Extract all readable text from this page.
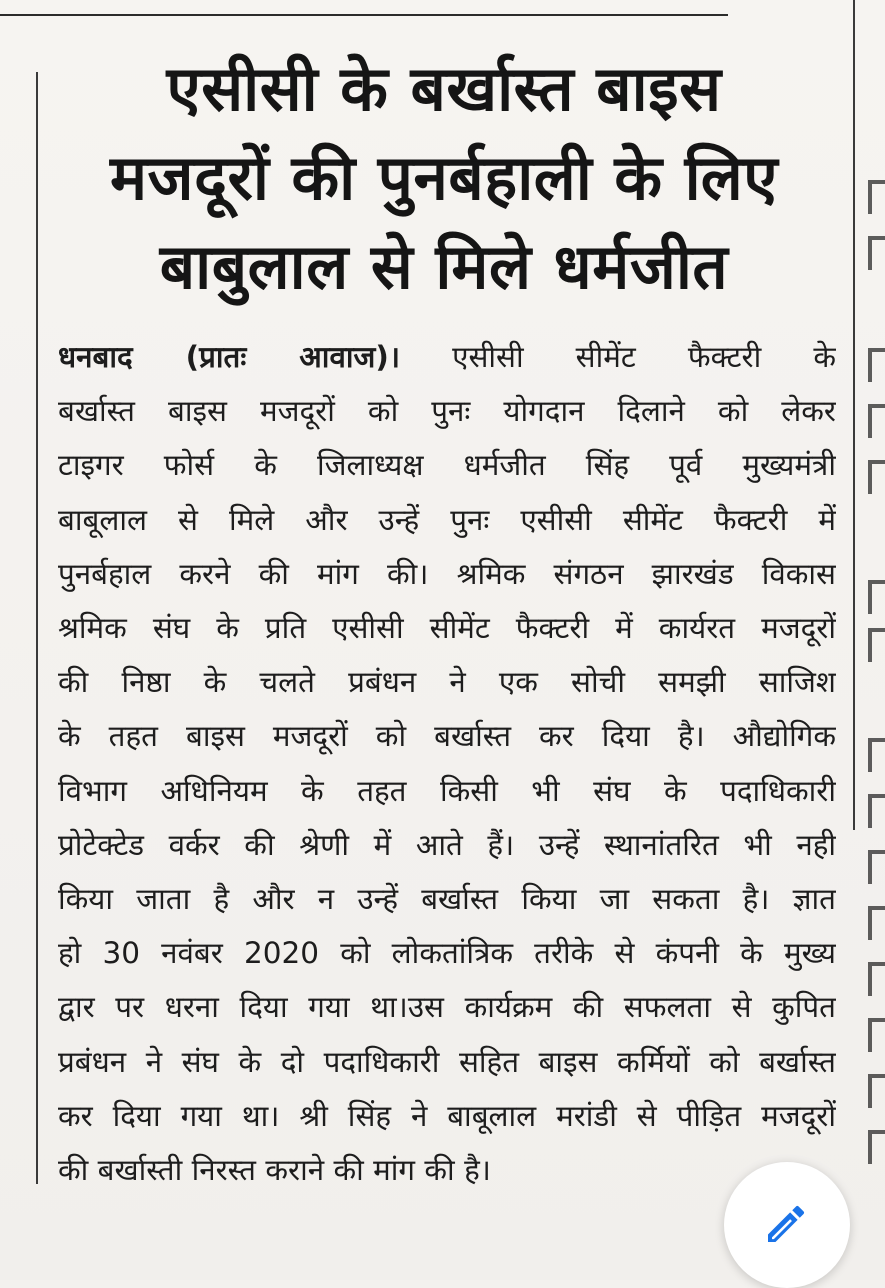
एसीसी के बर्खास्त बाइस
मजदूरों की पुनर्बहाली के लिए
बाबुलाल से मिले धर्मजीत
धनबाद (प्रातः आवाज)। एसीसी सीमेंट फैक्टरी के
बर्खास्त बाइस मजदूरों को पुनः योगदान दिलाने को लेकर
टाइगर फोर्स के जिलाध्यक्ष धर्मजीत सिंह पूर्व मुख्यमंत्री
बाबूलाल से मिले और उन्हें पुनः एसीसी सीमेंट फैक्टरी में
पुनर्बहाल करने की मांग की। श्रमिक संगठन झारखंड विकास
श्रमिक संघ के प्रति एसीसी सीमेंट फैक्टरी में कार्यरत मजदूरों
की निष्ठा के चलते प्रबंधन ने एक सोची समझी साजिश
के तहत बाइस मजदूरों को बर्खास्त कर दिया है। औद्योगिक
विभाग अधिनियम के तहत किसी भी संघ के पदाधिकारी
प्रोटेक्टेड वर्कर की श्रेणी में आते हैं। उन्हें स्थानांतरित भी नही
किया जाता है और न उन्हें बर्खास्त किया जा सकता है। ज्ञात
हो 30 नवंबर 2020 को लोकतांत्रिक तरीके से कंपनी के मुख्य
द्वार पर धरना दिया गया था।उस कार्यक्रम की सफलता से कुपित
प्रबंधन ने संघ के दो पदाधिकारी सहित बाइस कर्मियों को बर्खास्त
कर दिया गया था। श्री सिंह ने बाबूलाल मरांडी से पीड़ित मजदूरों
की बर्खास्ती निरस्त कराने की मांग की है।
